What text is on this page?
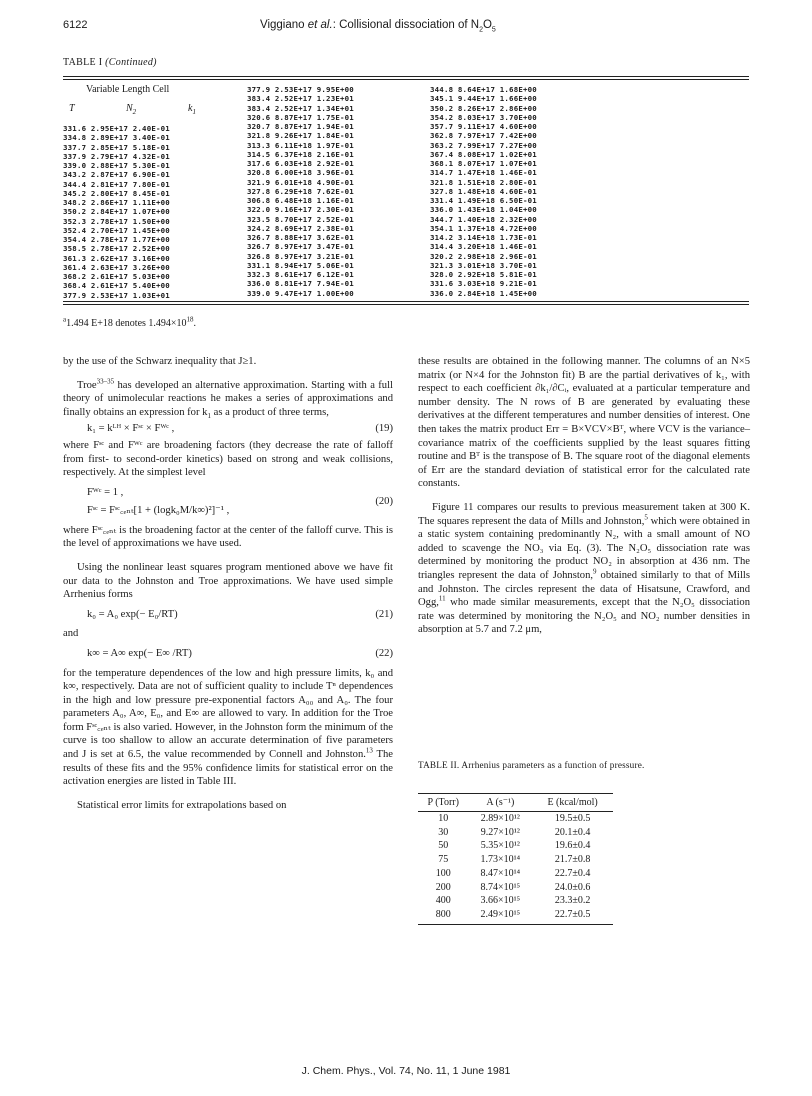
6122	Viggiano et al.: Collisional dissociation of $N_2O_5$
TABLE I (Continued)
Variable Length Cell
T	$N_2$	$k_1$
331.6 2.95E+17 2.40E-01
334.8 2.89E+17 3.40E-01
337.7 2.85E+17 5.18E-01
337.9 2.79E+17 4.32E-01
339.0 2.88E+17 5.30E-01
343.2 2.87E+17 6.90E-01
344.4 2.81E+17 7.80E-01
345.2 2.80E+17 8.45E-01
348.2 2.86E+17 1.11E+00
350.2 2.84E+17 1.07E+00
352.3 2.78E+17 1.50E+00
352.4 2.70E+17 1.45E+00
354.4 2.78E+17 1.77E+00
358.5 2.78E+17 2.52E+00
361.3 2.62E+17 3.16E+00
361.4 2.63E+17 3.26E+00
368.2 2.61E+17 5.03E+00
368.4 2.61E+17 5.40E+00
377.9 2.53E+17 1.03E+01
377.9 2.53E+17 9.95E+00
383.4 2.52E+17 1.23E+01
383.4 2.52E+17 1.34E+01
320.6 8.87E+17 1.75E-01
320.7 8.87E+17 1.94E-01
321.8 9.26E+17 1.84E-01
313.3 6.11E+18 1.97E-01
314.5 6.37E+18 2.16E-01
317.6 6.03E+18 2.92E-01
320.8 6.00E+18 3.96E-01
321.9 6.01E+18 4.90E-01
327.8 6.29E+18 7.62E-01
306.8 6.48E+18 1.16E-01
322.0 9.16E+17 2.30E-01
323.5 8.70E+17 2.52E-01
324.2 8.69E+17 2.38E-01
326.7 8.88E+17 3.62E-01
326.7 8.97E+17 3.47E-01
326.8 8.97E+17 3.21E-01
331.1 8.94E+17 5.06E-01
332.3 8.61E+17 6.12E-01
336.0 8.81E+17 7.94E-01
339.0 9.47E+17 1.00E+00
344.8 8.64E+17 1.68E+00
345.1 9.44E+17 1.66E+00
350.2 8.26E+17 2.86E+00
354.2 8.03E+17 3.70E+00
357.7 9.11E+17 4.60E+00
362.8 7.97E+17 7.42E+00
363.2 7.99E+17 7.27E+00
367.4 8.08E+17 1.02E+01
368.1 8.07E+17 1.07E+01
314.7 1.47E+18 1.46E-01
321.8 1.51E+18 2.80E-01
327.8 1.48E+18 4.60E-01
331.4 1.49E+18 6.50E-01
336.0 1.43E+18 1.04E+00
344.7 1.40E+18 2.32E+00
354.1 1.37E+18 4.72E+00
314.2 3.14E+18 1.73E-01
314.4 3.20E+18 1.46E-01
320.2 2.98E+18 2.96E-01
321.3 3.01E+18 3.70E-01
328.0 2.92E+18 5.81E-01
331.6 3.03E+18 9.21E-01
336.0 2.84E+18 1.45E+00
$^a$1.494 E+18 denotes $1.494\times 10^{18}$.

by the use of the Schwarz inequality that J≥1.

Troe$^{33-35}$ has developed an alternative approximation. Starting with a full theory of unimolecular reactions he makes a series of approximations and finally obtains an expression for $k_1$ as a product of three terms,

k₁ = kᴸᴴ × Fˢᶜ × Fᵂᶜ ,	(19)

where Fˢᶜ and Fᵂᶜ are broadening factors (they decrease the rate of falloff from first- to second-order kinetics) based on strong and weak collisions, respectively. At the simplest level

Fᵂᶜ = 1 ,
Fˢᶜ = Fˢᶜ꜀ₑₙₜ[1 + (logk₀M/k∞)²]⁻¹ ,
(20)

where Fˢᶜ꜀ₑₙₜ is the broadening factor at the center of the falloff curve. This is the level of approximations we have used.

Using the nonlinear least squares program mentioned above we have fit our data to the Johnston and Troe approximations. We have used simple Arrhenius forms

k₀ = A₀ exp(− E₀/RT)	(21)

and

k∞ = A∞ exp(− E∞ /RT)	(22)

for the temperature dependences of the low and high pressure limits, k₀ and k∞, respectively. Data are not of sufficient quality to include Tⁿ dependences in the high and low pressure pre-exponential factors A₀₀ and A₀. The four parameters A₀, A∞, E₀, and E∞ are allowed to vary. In addition for the Troe form Fˢᶜ꜀ₑₙₜ is also varied. However, in the Johnston form the minimum of the curve is too shallow to allow an accurate determination of five parameters and J is set at 6.5, the value recommended by Connell and Johnston.$^{13}$ The results of these fits and the 95% confidence limits for statistical error on the activation energies are listed in Table III.

Statistical error limits for extrapolations based on

these results are obtained in the following manner. The columns of an N×5 matrix (or N×4 for the Johnston fit) B are the partial derivatives of k₁, with respect to each coefficient ∂k₁/∂Cᵢ, evaluated at a particular temperature and number density. The N rows of B are generated by evaluating these derivatives at the different temperatures and number densities of interest. One then takes the matrix product Err = B×VCV×Bᵀ, where VCV is the variance–covariance matrix of the coefficients supplied by the least squares fitting routine and Bᵀ is the transpose of B. The square root of the diagonal elements of Err are the standard deviation of statistical error for the calculated rate constants.

Figure 11 compares our results to previous measurement taken at 300 K. The squares represent the data of Mills and Johnston,$^5$ which were obtained in a static system containing predominantly N₂, with a small amount of NO added to scavenge the NO₃ via Eq. (3). The N₂O₅ dissociation rate was determined by monitoring the product NO₂ in absorption at 436 nm. The triangles represent the data of Johnston,$^9$ obtained similarly to that of Mills and Johnston. The circles represent the data of Hisatsune, Crawford, and Ogg,$^{11}$ who made similar measurements, except that the N₂O₅ dissociation rate was determined by monitoring the N₂O₅ and NO₂ number densities in absorption at 5.7 and 7.2 μm,

TABLE II. Arrhenius parameters as a function of pressure.
P (Torr)	A (s⁻¹)	E (kcal/mol)
10	2.89×10¹²	19.5±0.5
30	9.27×10¹²	20.1±0.4
50	5.35×10¹²	19.6±0.4
75	1.73×10¹⁴	21.7±0.8
100	8.47×10¹⁴	22.7±0.4
200	8.74×10¹⁵	24.0±0.6
400	3.66×10¹⁵	23.3±0.2
800	2.49×10¹⁵	22.7±0.5
J. Chem. Phys., Vol. 74, No. 11, 1 June 1981
